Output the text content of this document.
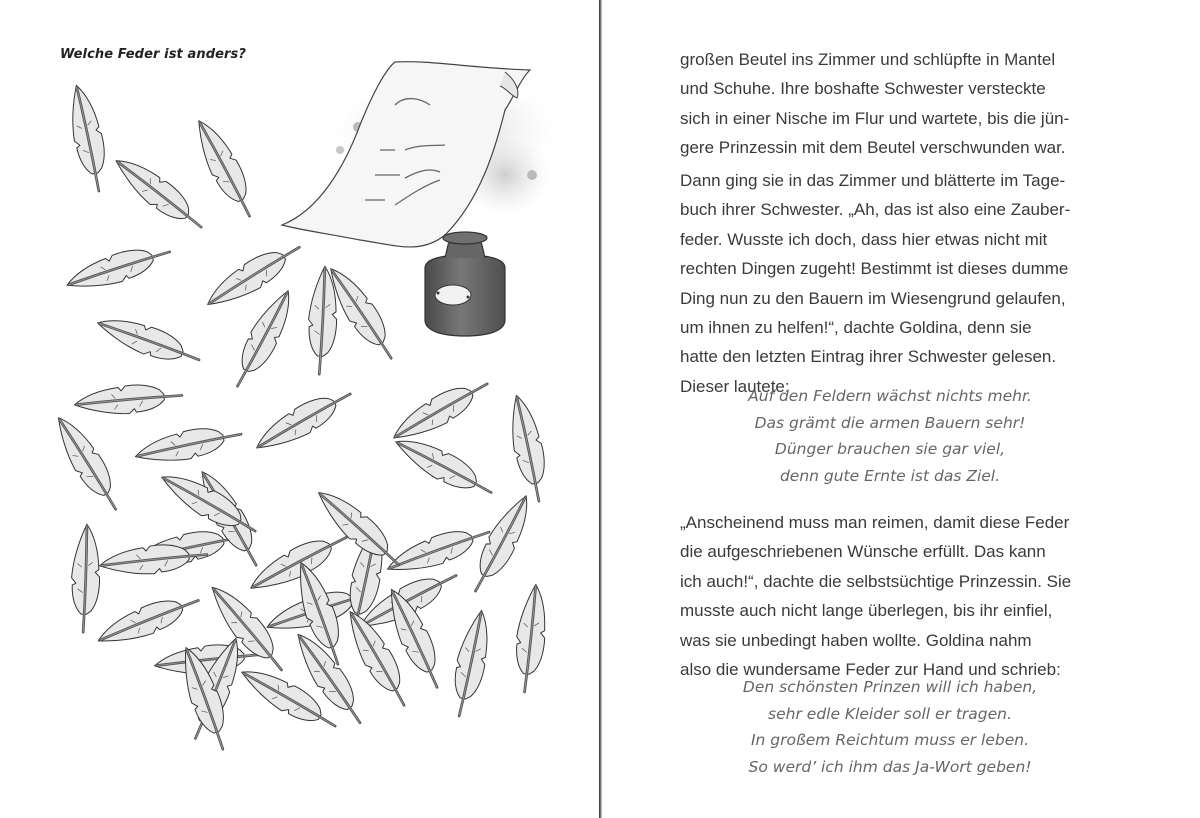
Welche Feder ist anders?	großen Beutel ins Zimmer und schlüpfte in Mantel
und Schuhe. Ihre boshafte Schwester versteckte
sich in einer Nische im Flur und wartete, bis die jün-
gere Prinzessin mit dem Beutel verschwunden war.

Dann ging sie in das Zimmer und blätterte im Tage-
buch ihrer Schwester. „Ah, das ist also eine Zauber-
feder. Wusste ich doch, dass hier etwas nicht mit
rechten Dingen zugeht! Bestimmt ist dieses dumme
Ding nun zu den Bauern im Wiesengrund gelaufen,
um ihnen zu helfen!“, dachte Goldina, denn sie
hatte den letzten Eintrag ihrer Schwester gelesen.
Dieser lautete:

Auf den Feldern wächst nichts mehr.
Das grämt die armen Bauern sehr!
Dünger brauchen sie gar viel,
denn gute Ernte ist das Ziel.

„Anscheinend muss man reimen, damit diese Feder
die aufgeschriebenen Wünsche erfüllt. Das kann
ich auch!“, dachte die selbstsüchtige Prinzessin. Sie
musste auch nicht lange überlegen, bis ihr einfiel,
was sie unbedingt haben wollte. Goldina nahm
also die wundersame Feder zur Hand und schrieb:

Den schönsten Prinzen will ich haben,
sehr edle Kleider soll er tragen.
In großem Reichtum muss er leben.
So werd’ ich ihm das Ja-Wort geben!
